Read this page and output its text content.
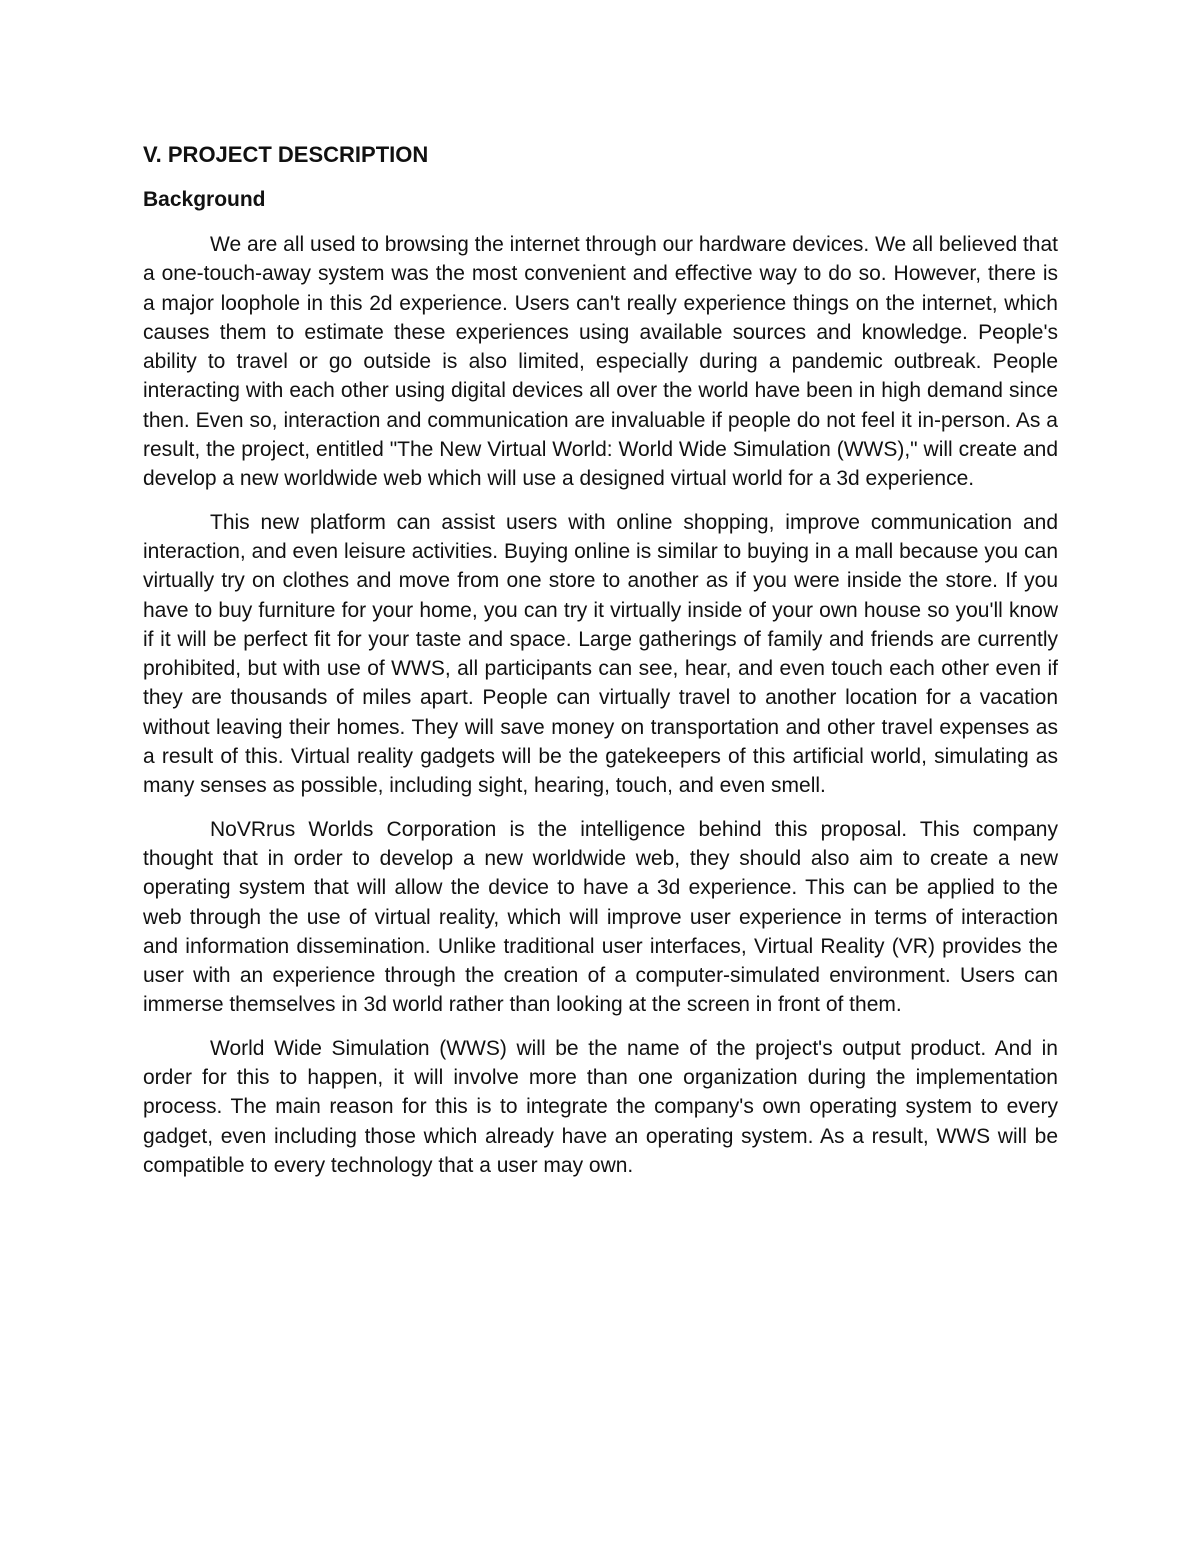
V. PROJECT DESCRIPTION
Background

We are all used to browsing the internet through our hardware devices. We all believed that a one-touch-away system was the most convenient and effective way to do so. However, there is a major loophole in this 2d experience. Users can't really experience things on the internet, which causes them to estimate these experiences using available sources and knowledge. People's ability to travel or go outside is also limited, especially during a pandemic outbreak. People interacting with each other using digital devices all over the world have been in high demand since then. Even so, interaction and communication are invaluable if people do not feel it in-person. As a result, the project, entitled "The New Virtual World: World Wide Simulation (WWS)," will create and develop a new worldwide web which will use a designed virtual world for a 3d experience.

This new platform can assist users with online shopping, improve communication and interaction, and even leisure activities. Buying online is similar to buying in a mall because you can virtually try on clothes and move from one store to another as if you were inside the store. If you have to buy furniture for your home, you can try it virtually inside of your own house so you'll know if it will be perfect fit for your taste and space. Large gatherings of family and friends are currently prohibited, but with use of WWS, all participants can see, hear, and even touch each other even if they are thousands of miles apart. People can virtually travel to another location for a vacation without leaving their homes. They will save money on transportation and other travel expenses as a result of this. Virtual reality gadgets will be the gatekeepers of this artificial world, simulating as many senses as possible, including sight, hearing, touch, and even smell.

NoVRrus Worlds Corporation is the intelligence behind this proposal. This company thought that in order to develop a new worldwide web, they should also aim to create a new operating system that will allow the device to have a 3d experience. This can be applied to the web through the use of virtual reality, which will improve user experience in terms of interaction and information dissemination. Unlike traditional user interfaces, Virtual Reality (VR) provides the user with an experience through the creation of a computer-simulated environment. Users can immerse themselves in 3d world rather than looking at the screen in front of them.

World Wide Simulation (WWS) will be the name of the project's output product. And in order for this to happen, it will involve more than one organization during the implementation process. The main reason for this is to integrate the company's own operating system to every gadget, even including those which already have an operating system. As a result, WWS will be compatible to every technology that a user may own.
